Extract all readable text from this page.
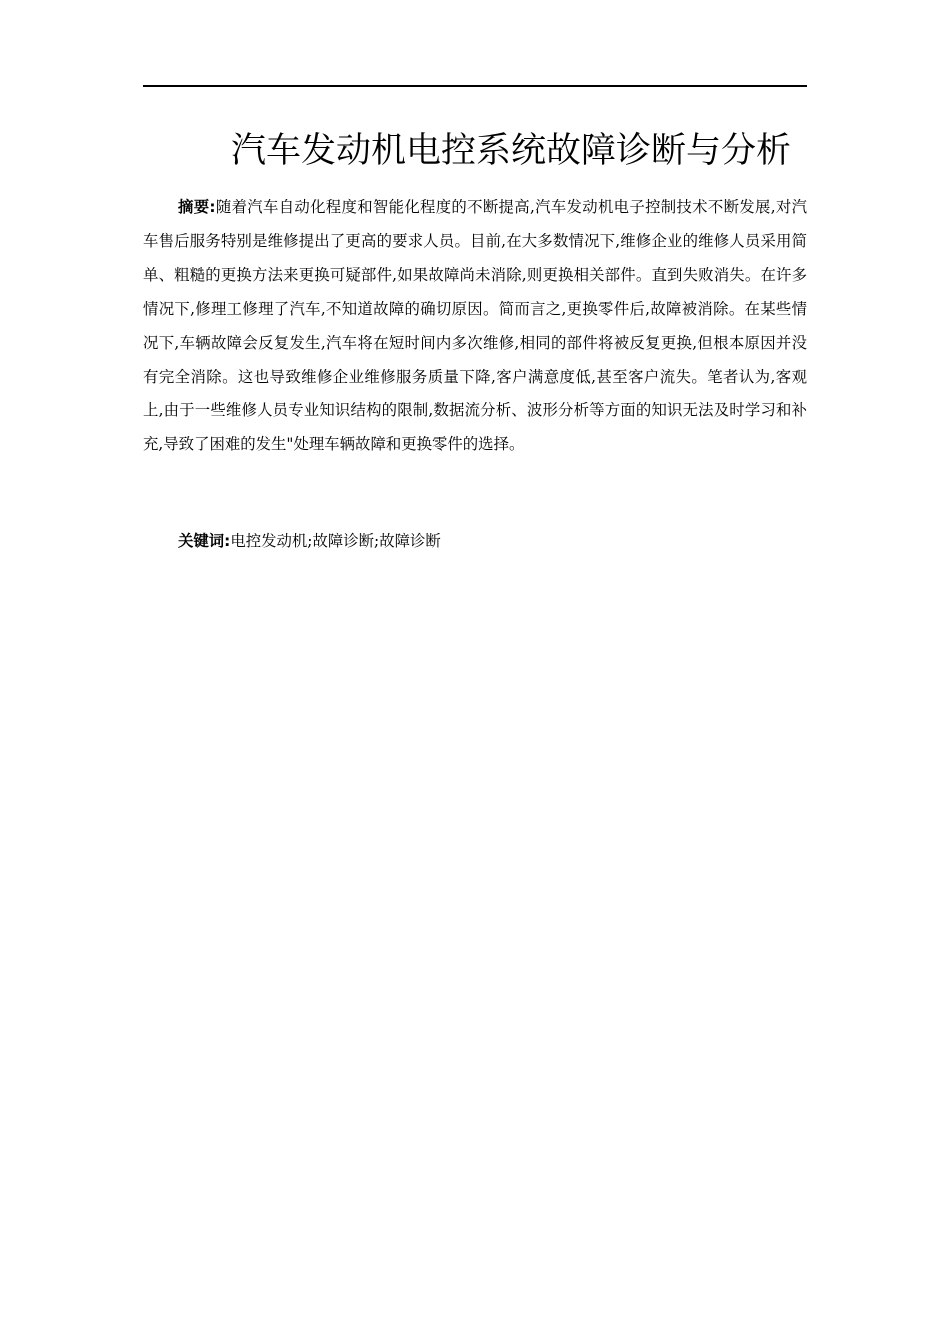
汽车发动机电控系统故障诊断与分析

摘要:随着汽车自动化程度和智能化程度的不断提高,汽车发动机电子控制技术不断发展,对汽车售后服务特别是维修提出了更高的要求人员。目前,在大多数情况下,维修企业的维修人员采用简单、粗糙的更换方法来更换可疑部件,如果故障尚未消除,则更换相关部件。直到失败消失。在许多情况下,修理工修理了汽车,不知道故障的确切原因。简而言之,更换零件后,故障被消除。在某些情况下,车辆故障会反复发生,汽车将在短时间内多次维修,相同的部件将被反复更换,但根本原因并没有完全消除。这也导致维修企业维修服务质量下降,客户满意度低,甚至客户流失。笔者认为,客观上,由于一些维修人员专业知识结构的限制,数据流分析、波形分析等方面的知识无法及时学习和补充,导致了困难的发生"处理车辆故障和更换零件的选择。

关键词:电控发动机;故障诊断;故障诊断
